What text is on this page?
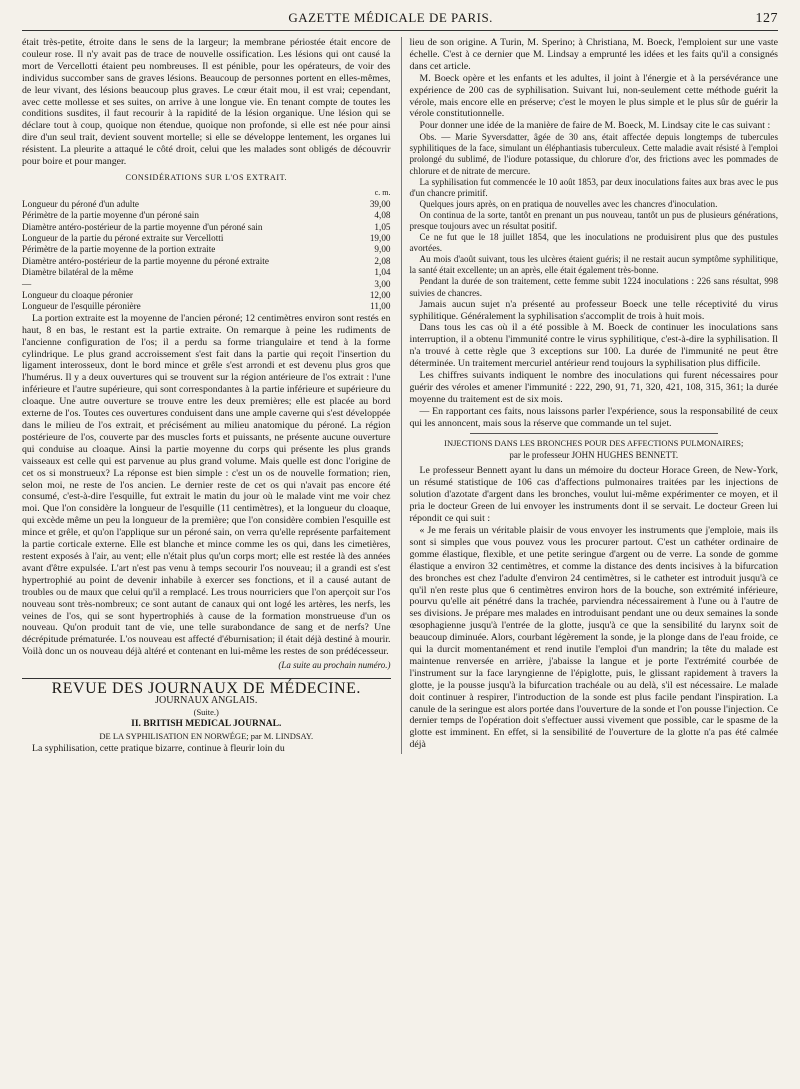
GAZETTE MÉDICALE DE PARIS.	127

était très-petite, étroite dans le sens de la largeur; la membrane périostée était encore de couleur rose. Il n'y avait pas de trace de nouvelle ossification. Les lésions qui ont causé la mort de Vercellotti étaient peu nombreuses. Il est pénible, pour les opérateurs, de voir des individus succomber sans de graves lésions. Beaucoup de personnes portent en elles-mêmes, de leur vivant, des lésions beaucoup plus graves. Le cœur était mou, il est vrai; cependant, avec cette mollesse et ses suites, on arrive à une longue vie. En tenant compte de toutes les conditions susdites, il faut recourir à la rapidité de la lésion organique. Une lésion qui se déclare tout à coup, quoique non étendue, quoique non profonde, si elle est née pour ainsi dire d'un seul trait, devient souvent mortelle; si elle se développe lentement, les organes lui résistent. La pleurite a attaqué le côté droit, celui que les malades sont obligés de découvrir pour boire et pour manger.

CONSIDÉRATIONS SUR L'OS EXTRAIT.
c. m.
Longueur du péroné d'un adulte	39,00
Périmètre de la partie moyenne d'un péroné sain	4,08
Diamètre antéro-postérieur de la partie moyenne d'un péroné sain	1,05
Longueur de la partie du péroné extraite sur Vercellotti	19,00
Périmètre de la partie moyenne de la portion extraite	9,00
Diamètre antéro-postérieur de la partie moyenne du péroné extraite	2,08
Diamètre bilatéral de la même	1,04
—	3,00
Longueur du cloaque péronier	12,00
Longueur de l'esquille péronière	11,00

La portion extraite est la moyenne de l'ancien péroné; 12 centimètres environ sont restés en haut, 8 en bas, le restant est la partie extraite. On remarque à peine les rudiments de l'ancienne configuration de l'os; il a perdu sa forme triangulaire et tend à la forme cylindrique. Le plus grand accroissement s'est fait dans la partie qui reçoit l'insertion du ligament interosseux, dont le bord mince et grêle s'est arrondi et est devenu plus gros que l'humérus. Il y a deux ouvertures qui se trouvent sur la région antérieure de l'os extrait : l'une inférieure et l'autre supérieure, qui sont correspondantes à la partie inférieure et supérieure du cloaque. Une autre ouverture se trouve entre les deux premières; elle est placée au bord externe de l'os. Toutes ces ouvertures conduisent dans une ample caverne qui s'est développée dans le milieu de l'os extrait, et précisément au milieu anatomique du péroné. La région postérieure de l'os, couverte par des muscles forts et puissants, ne présente aucune ouverture qui conduise au cloaque. Ainsi la partie moyenne du corps qui présente les plus grands vaisseaux est celle qui est parvenue au plus grand volume. Mais quelle est donc l'origine de cet os si monstrueux? La réponse est bien simple : c'est un os de nouvelle formation; rien, selon moi, ne reste de l'os ancien. Le dernier reste de cet os qui n'avait pas encore été consumé, c'est-à-dire l'esquille, fut extrait le matin du jour où le malade vint me voir chez moi. Que l'on considère la longueur de l'esquille (11 centimètres), et la longueur du cloaque, qui excède même un peu la longueur de la première; que l'on considère combien l'esquille est mince et grêle, et qu'on l'applique sur un péroné sain, on verra qu'elle représente parfaitement la partie corticale externe. Elle est blanche et mince comme les os qui, dans les cimetières, restent exposés à l'air, au vent; elle n'était plus qu'un corps mort; elle est restée là des années avant d'être expulsée. L'art n'est pas venu à temps secourir l'os nouveau; il a grandi est s'est hypertrophié au point de devenir inhabile à exercer ses fonctions, et il a causé autant de troubles ou de maux que celui qu'il a remplacé. Les trous nourriciers que l'on aperçoit sur l'os nouveau sont très-nombreux; ce sont autant de canaux qui ont logé les artères, les nerfs, les veines de l'os, qui se sont hypertrophiés à cause de la formation monstrueuse d'un os nouveau. Qu'on produit tant de vie, une telle surabondance de sang et de nerfs? Une décrépitude prématurée. L'os nouveau est affecté d'éburnisation; il était déjà destiné à mourir. Voilà donc un os nouveau déjà altéré et contenant en lui-même les restes de son prédécesseur.

(La suite au prochain numéro.)
REVUE DES JOURNAUX DE MÉDECINE.
JOURNAUX ANGLAIS.
(Suite.)
II. BRITISH MEDICAL JOURNAL.
DE LA SYPHILISATION EN NORWÉGE; par M. LINDSAY.

La syphilisation, cette pratique bizarre, continue à fleurir loin du

lieu de son origine. A Turin, M. Sperino; à Christiana, M. Boeck, l'emploient sur une vaste échelle. C'est à ce dernier que M. Lindsay a emprunté les idées et les faits qu'il a consignés dans cet article.

M. Boeck opère et les enfants et les adultes, il joint à l'énergie et à la persévérance une expérience de 200 cas de syphilisation. Suivant lui, non-seulement cette méthode guérit la vérole, mais encore elle en préserve; c'est le moyen le plus simple et le plus sûr de guérir la vérole constitutionnelle.

Pour donner une idée de la manière de faire de M. Boeck, M. Lindsay cite le cas suivant :

Obs. — Marie Syversdatter, âgée de 30 ans, était affectée depuis longtemps de tubercules syphilitiques de la face, simulant un éléphantiasis tuberculeux. Cette maladie avait résisté à l'emploi prolongé du sublimé, de l'iodure potassique, du chlorure d'or, des frictions avec les pommades de chlorure et de nitrate de mercure.

La syphilisation fut commencée le 10 août 1853, par deux inoculations faites aux bras avec le pus d'un chancre primitif.

Quelques jours après, on en pratiqua de nouvelles avec les chancres d'inoculation.

On continua de la sorte, tantôt en prenant un pus nouveau, tantôt un pus de plusieurs générations, presque toujours avec un résultat positif.

Ce ne fut que le 18 juillet 1854, que les inoculations ne produisirent plus que des pustules avortées.

Au mois d'août suivant, tous les ulcères étaient guéris; il ne restait aucun symptôme syphilitique, la santé était excellente; un an après, elle était également très-bonne.

Pendant la durée de son traitement, cette femme subit 1224 inoculations : 226 sans résultat, 998 suivies de chancres.

Jamais aucun sujet n'a présenté au professeur Boeck une telle réceptivité du virus syphilitique. Généralement la syphilisation s'accomplit de trois à huit mois.

Dans tous les cas où il a été possible à M. Boeck de continuer les inoculations sans interruption, il a obtenu l'immunité contre le virus syphilitique, c'est-à-dire la syphilisation. Il n'a trouvé à cette règle que 3 exceptions sur 100. La durée de l'immunité ne peut être déterminée. Un traitement mercuriel antérieur rend toujours la syphilisation plus difficile.

Les chiffres suivants indiquent le nombre des inoculations qui furent nécessaires pour guérir des véroles et amener l'immunité : 222, 290, 91, 71, 320, 421, 108, 315, 361; la durée moyenne du traitement est de six mois.

— En rapportant ces faits, nous laissons parler l'expérience, sous la responsabilité de ceux qui les annoncent, mais sous la réserve que commande un tel sujet.

INJECTIONS DANS LES BRONCHES POUR DES AFFECTIONS PULMONAIRES;
par le professeur JOHN HUGHES BENNETT.

Le professeur Bennett ayant lu dans un mémoire du docteur Horace Green, de New-York, un résumé statistique de 106 cas d'affections pulmonaires traitées par les injections de solution d'azotate d'argent dans les bronches, voulut lui-même expérimenter ce moyen, et il pria le docteur Green de lui envoyer les instruments dont il se servait. Le docteur Green lui répondit ce qui suit :

« Je me ferais un véritable plaisir de vous envoyer les instruments que j'emploie, mais ils sont si simples que vous pouvez vous les procurer partout. C'est un cathéter ordinaire de gomme élastique, flexible, et une petite seringue d'argent ou de verre. La sonde de gomme élastique a environ 32 centimètres, et comme la distance des dents incisives à la bifurcation des bronches est chez l'adulte d'environ 24 centimètres, si le catheter est introduit jusqu'à ce qu'il n'en reste plus que 6 centimètres environ hors de la bouche, son extrémité inférieure, pourvu qu'elle ait pénétré dans la trachée, parviendra nécessairement à l'une ou à l'autre de ses divisions. Je prépare mes malades en introduisant pendant une ou deux semaines la sonde œsophagienne jusqu'à l'entrée de la glotte, jusqu'à ce que la sensibilité du larynx soit de beaucoup diminuée. Alors, courbant légèrement la sonde, je la plonge dans de l'eau froide, ce qui la durcit momentanément et rend inutile l'emploi d'un mandrin; la tête du malade est maintenue renversée en arrière, j'abaisse la langue et je porte l'extrémité courbée de l'instrument sur la face laryngienne de l'épiglotte, puis, le glissant rapidement à travers la glotte, je la pousse jusqu'à la bifurcation trachéale ou au delà, s'il est nécessaire. Le malade doit continuer à respirer, l'introduction de la sonde est plus facile pendant l'inspiration. La canule de la seringue est alors portée dans l'ouverture de la sonde et l'on pousse l'injection. Ce dernier temps de l'opération doit s'effectuer aussi vivement que possible, car le spasme de la glotte est imminent. En effet, si la sensibilité de l'ouverture de la glotte n'a pas été calmée déjà
